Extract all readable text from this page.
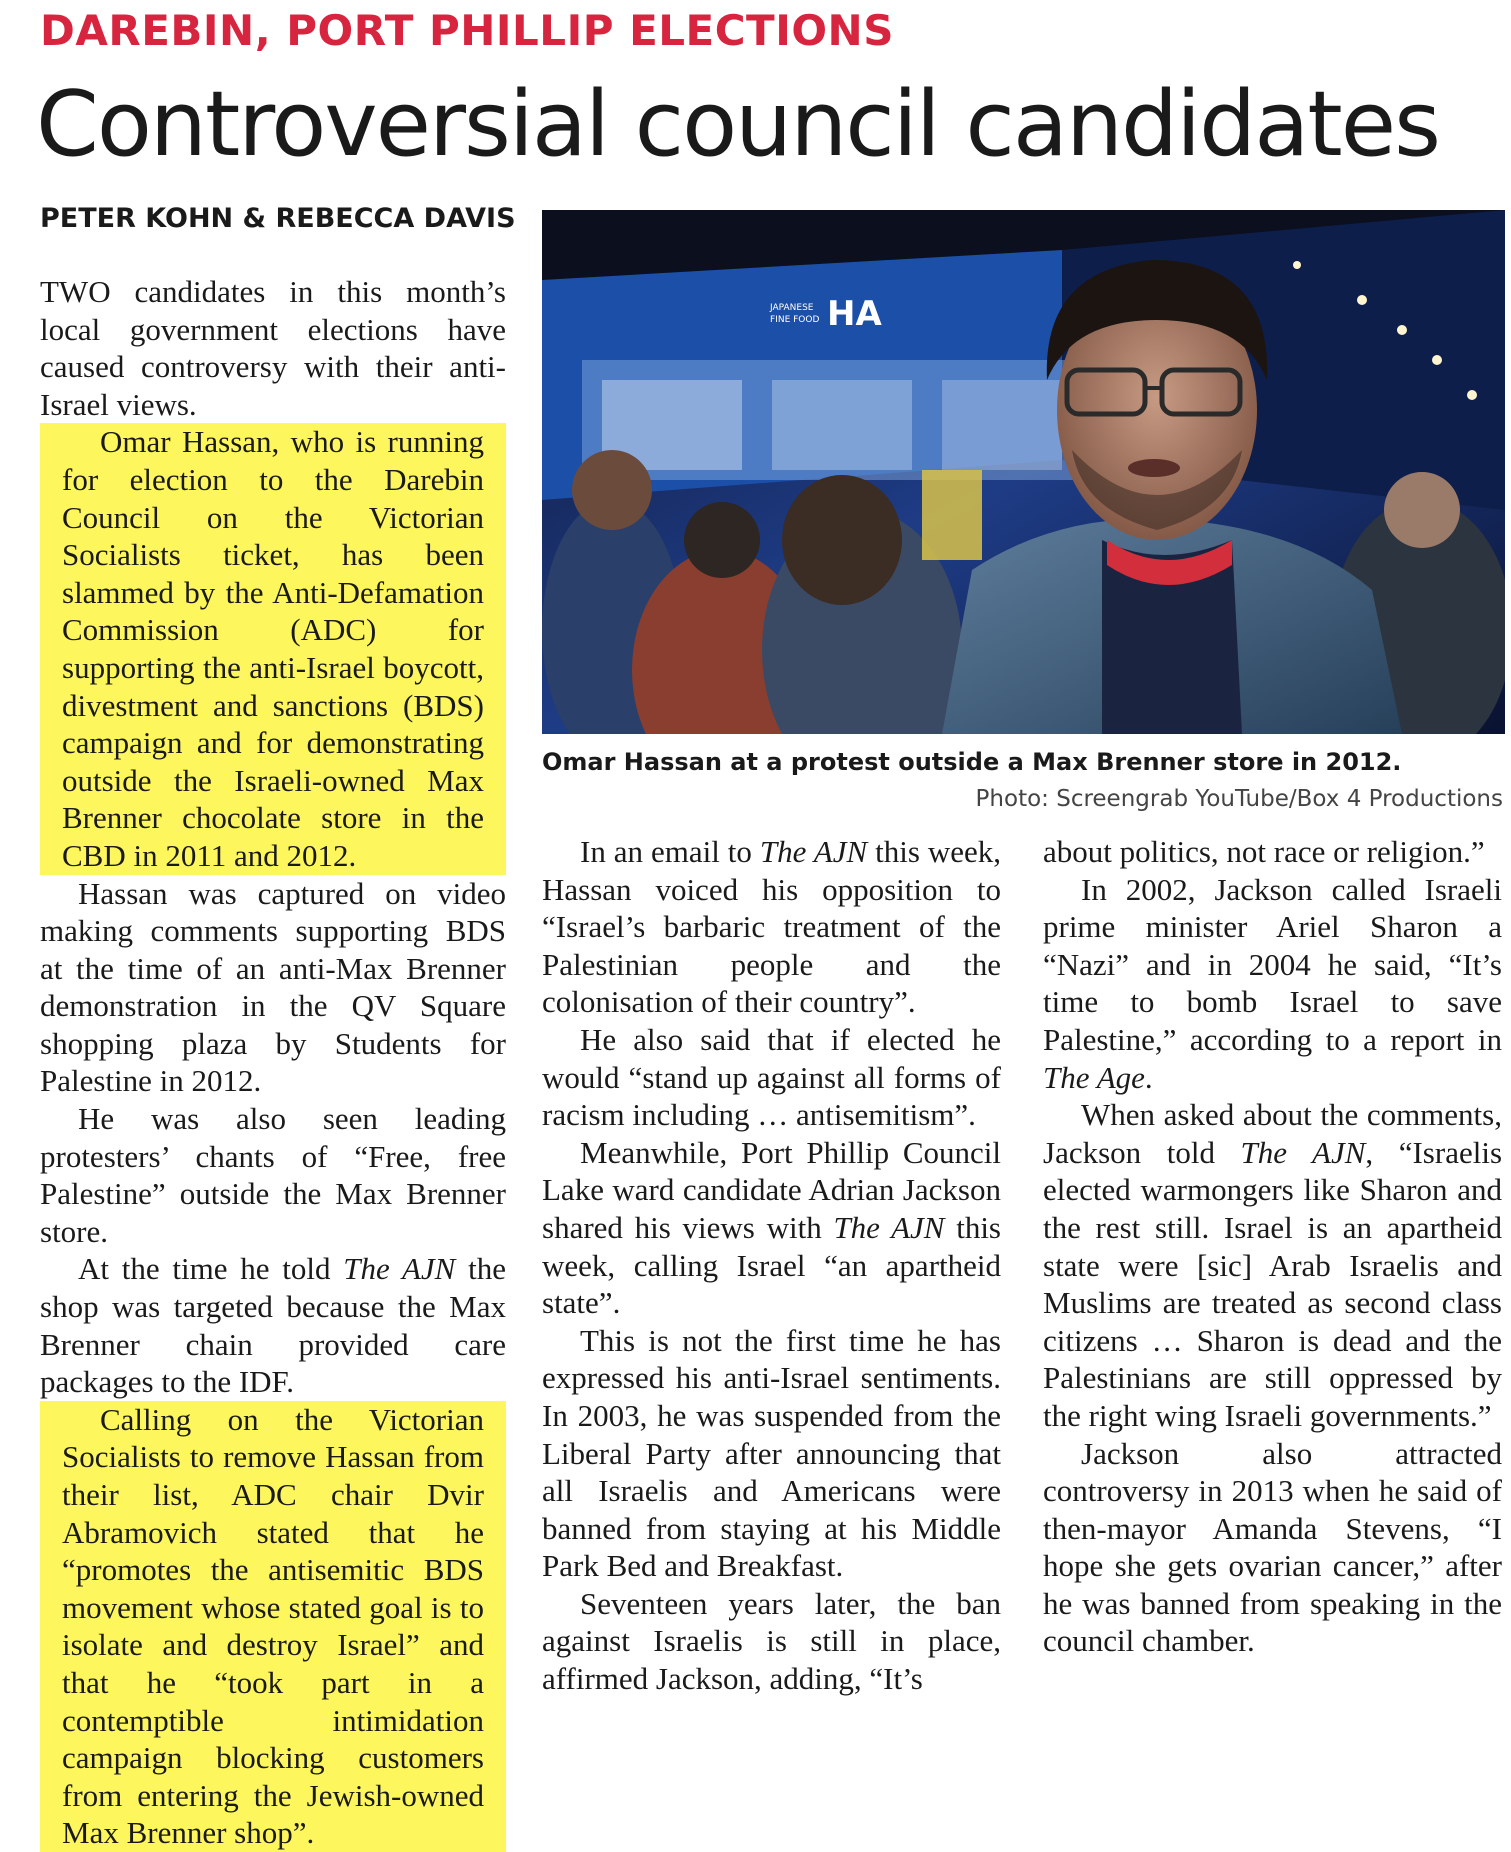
DAREBIN, PORT PHILLIP ELECTIONS
Controversial council candidates
PETER KOHN & REBECCA DAVIS
JAPANESE
FINE FOOD HA
Omar Hassan at a protest outside a Max Brenner store in 2012.
Photo: Screengrab YouTube/Box 4 Productions

TWO candidates in this month’s local government elections have caused controversy with their anti-Israel views.

Omar Hassan, who is running for election to the Darebin Council on the Victorian Socialists ticket, has been slammed by the Anti-Defamation Commission (ADC) for supporting the anti-Israel boycott, divestment and sanctions (BDS) campaign and for demonstrating outside the Israeli-owned Max Brenner chocolate store in the CBD in 2011 and 2012.

Hassan was captured on video making comments supporting BDS at the time of an anti-Max Brenner demonstration in the QV Square shopping plaza by Students for Palestine in 2012.

He was also seen leading protesters’ chants of “Free, free Palestine” outside the Max Brenner store.

At the time he told The AJN the shop was targeted because the Max Brenner chain provided care packages to the IDF.

Calling on the Victorian Socialists to remove Hassan from their list, ADC chair Dvir Abramovich stated that he “promotes the antisemitic BDS movement whose stated goal is to isolate and destroy Israel” and that he “took part in a contemptible intimidation campaign blocking customers from entering the Jewish-owned Max Brenner shop”.

In an email to The AJN this week, Hassan voiced his opposition to “Israel’s barbaric treatment of the Palestinian people and the colonisation of their country”.

He also said that if elected he would “stand up against all forms of racism including … antisemitism”.

Meanwhile, Port Phillip Council Lake ward candidate Adrian Jackson shared his views with The AJN this week, calling Israel “an apartheid state”.

This is not the first time he has expressed his anti-Israel sentiments. In 2003, he was suspended from the Liberal Party after announcing that all Israelis and Americans were banned from staying at his Middle Park Bed and Breakfast.

Seventeen years later, the ban against Israelis is still in place, affirmed Jackson, adding, “It’s

about politics, not race or religion.”

In 2002, Jackson called Israeli prime minister Ariel Sharon a “Nazi” and in 2004 he said, “It’s time to bomb Israel to save Palestine,” according to a report in The Age.

When asked about the comments, Jackson told The AJN, “Israelis elected warmongers like Sharon and the rest still. Israel is an apartheid state were [sic] Arab Israelis and Muslims are treated as second class citizens … Sharon is dead and the Palestinians are still oppressed by the right wing Israeli governments.”

Jackson also attracted controversy in 2013 when he said of then-mayor Amanda Stevens, “I hope she gets ovarian cancer,” after he was banned from speaking in the council chamber.
